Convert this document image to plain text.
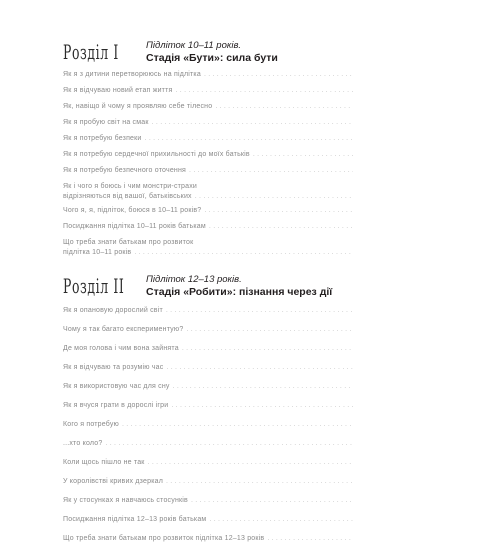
Розділ I	Підліток 10–11 років.
Стадія «Бути»: сила бути
Як я з дитини перетворююсь на підлітка
. . .
Як я відчуваю новий етап життя
. . .
Як, навіщо й чому я проявляю себе тілесно
. . .
Як я пробую світ на смак
. . .
Як я потребую безпеки
. . .
Як я потребую сердечної прихильності до моїх батьків
. . .
Як я потребую безпечного оточення
. . .
Як і чого я боюсь і чим монстри-страхи
відрізняються від вашої, батьківських
. . .
Чого я, я, підліток, боюся в 10–11 років?
. . .
Посиджання підлітка 10–11 років батькам
. . .
Що треба знати батькам про розвиток
підлітка 10–11 років
. . .
Розділ II Підліток 12–13 років.
Стадія «Робити»: пізнання через дії
Як я опановую дорослий світ
. . .
Чому я так багато експериментую?
. . .
Де моя голова і чим вона зайнята
. . .
Як я відчуваю та розумію час
. . .
Як я використовую час для сну
. . .
Як я вчуся грати в дорослі ігри
. . .
Кого я потребую
. . .
...хто коло?
. . .
Коли щось пішло не так
. . .
У королівстві кривих дзеркал
. . .
Як у стосунках я навчаюсь стосунків
. . .
Посиджання підлітка 12–13 років батькам
. . .
Що треба знати батькам про розвиток підлітка 12–13 років
. . .
